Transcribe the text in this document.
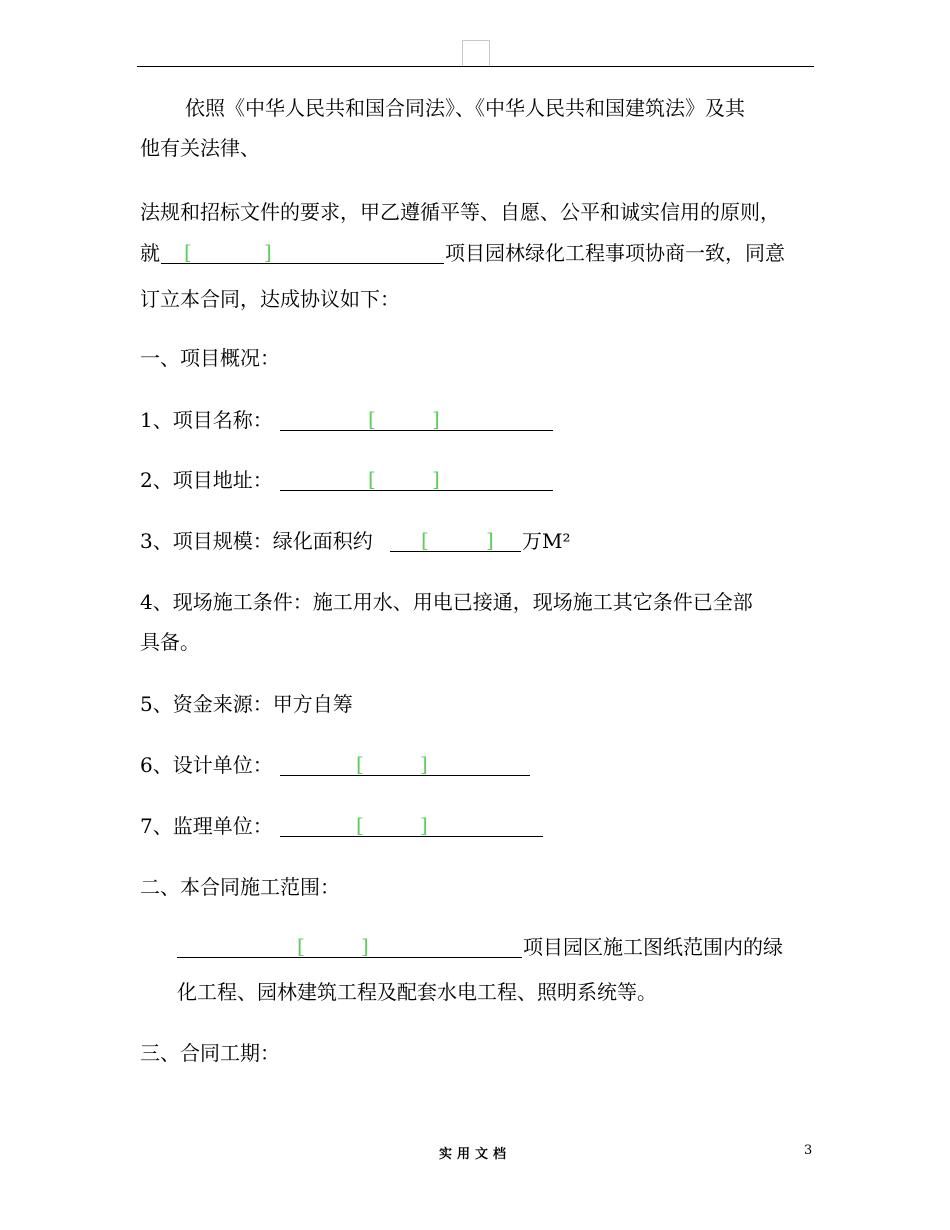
依照《中华人民共和国合同法》、《中华人民共和国建筑法》及其
他有关法律、
法规和招标文件的要求，甲乙遵循平等、自愿、公平和诚实信用的原则，
就 [	]	项目园林绿化工程事项协商一致，同意
订立本合同，达成协议如下：
一、项目概况：
1、项目名称：	[	]
2、项目地址：	[	]
3、项目规模：绿化面积约 [	] 万M²
4、现场施工条件：施工用水、用电已接通，现场施工其它条件已全部
具备。
5、资金来源：甲方自筹
6、设计单位：	[	]
7、监理单位：	[	]
二、本合同施工范围：
[	]	项目园区施工图纸范围内的绿
化工程、园林建筑工程及配套水电工程、照明系统等。
三、合同工期：
实用文档	3
